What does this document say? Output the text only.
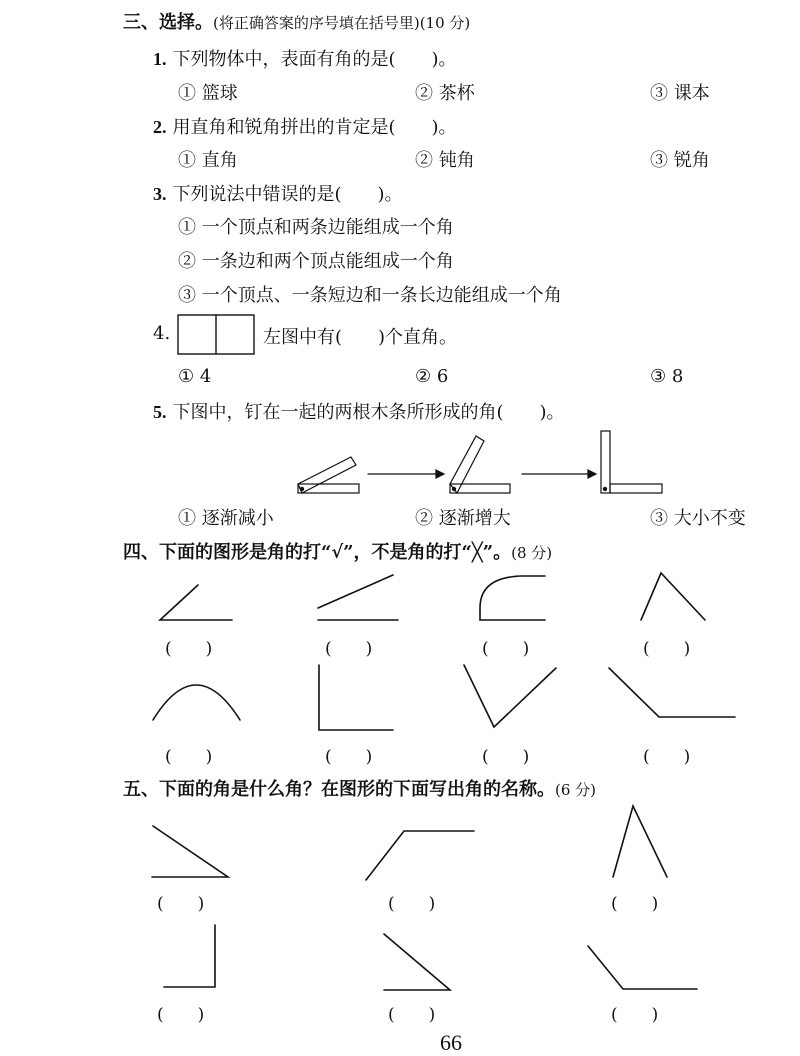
三、选择。(将正确答案的序号填在括号里)(10 分)
1. 下列物体中，表面有角的是(　　)。
① 篮球	② 茶杯	③ 课本
2. 用直角和锐角拼出的肯定是(　　)。
① 直角	② 钝角	③ 锐角
3. 下列说法中错误的是(　　)。
① 一个顶点和两条边能组成一个角
② 一条边和两个顶点能组成一个角
③ 一个顶点、一条短边和一条长边能组成一个角
4.	左图中有(　　)个直角。
① 4	② 6	③ 8
5. 下图中，钉在一起的两根木条所形成的角(　　)。
① 逐渐减小	② 逐渐增大	③ 大小不变
四、下面的图形是角的打“√”，不是角的打“╳”。(8 分)
(　　)	(　　)	(　　)	(　　)
(　　)	(　　)	(　　)	(　　)
五、下面的角是什么角？在图形的下面写出角的名称。(6 分)
(　　)	(　　)	(　　)
(　　)	(　　)	(　　)
66
